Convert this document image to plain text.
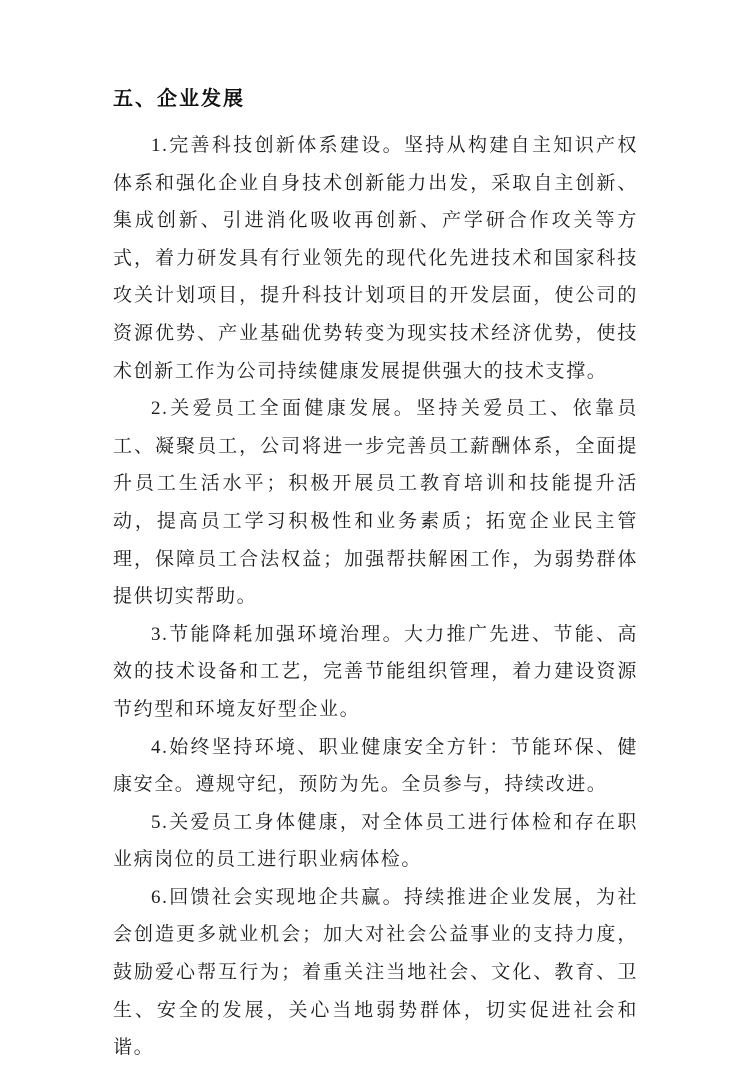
五、企业发展

1.完善科技创新体系建设。坚持从构建自主知识产权体系和强化企业自身技术创新能力出发，采取自主创新、集成创新、引进消化吸收再创新、产学研合作攻关等方式，着力研发具有行业领先的现代化先进技术和国家科技攻关计划项目，提升科技计划项目的开发层面，使公司的资源优势、产业基础优势转变为现实技术经济优势，使技术创新工作为公司持续健康发展提供强大的技术支撑。

2.关爱员工全面健康发展。坚持关爱员工、依靠员工、凝聚员工，公司将进一步完善员工薪酬体系，全面提升员工生活水平；积极开展员工教育培训和技能提升活动，提高员工学习积极性和业务素质；拓宽企业民主管理，保障员工合法权益；加强帮扶解困工作，为弱势群体提供切实帮助。

3.节能降耗加强环境治理。大力推广先进、节能、高效的技术设备和工艺，完善节能组织管理，着力建设资源节约型和环境友好型企业。

4.始终坚持环境、职业健康安全方针：节能环保、健康安全。遵规守纪，预防为先。全员参与，持续改进。

5.关爱员工身体健康，对全体员工进行体检和存在职业病岗位的员工进行职业病体检。

6.回馈社会实现地企共赢。持续推进企业发展，为社会创造更多就业机会；加大对社会公益事业的支持力度，鼓励爱心帮互行为；着重关注当地社会、文化、教育、卫生、安全的发展，关心当地弱势群体，切实促进社会和谐。
